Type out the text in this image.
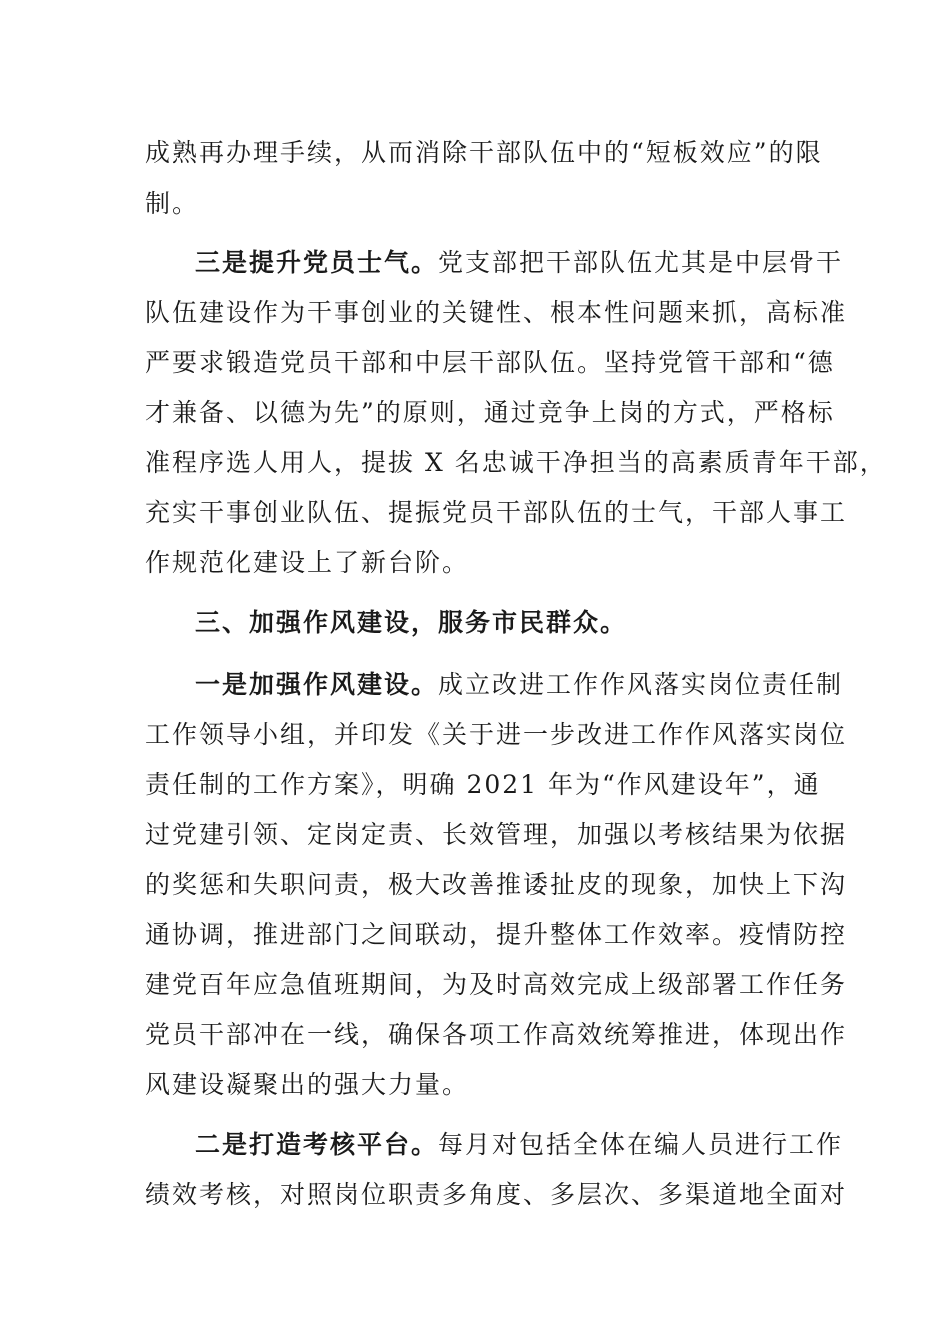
成熟再办理手续，从而消除干部队伍中的“短板效应”的限
制。
三是提升党员士气。党支部把干部队伍尤其是中层骨干
队伍建设作为干事创业的关键性、根本性问题来抓，高标准
严要求锻造党员干部和中层干部队伍。坚持党管干部和“德
才兼备、以德为先”的原则，通过竞争上岗的方式，严格标
准程序选人用人，提拔 X 名忠诚干净担当的高素质青年干部，
充实干事创业队伍、提振党员干部队伍的士气，干部人事工
作规范化建设上了新台阶。
三、加强作风建设，服务市民群众。
一是加强作风建设。成立改进工作作风落实岗位责任制
工作领导小组，并印发《关于进一步改进工作作风落实岗位
责任制的工作方案》，明确 2021 年为“作风建设年”，通
过党建引领、定岗定责、长效管理，加强以考核结果为依据
的奖惩和失职问责，极大改善推诿扯皮的现象，加快上下沟
通协调，推进部门之间联动，提升整体工作效率。疫情防控
建党百年应急值班期间，为及时高效完成上级部署工作任务
党员干部冲在一线，确保各项工作高效统筹推进，体现出作
风建设凝聚出的强大力量。
二是打造考核平台。每月对包括全体在编人员进行工作
绩效考核，对照岗位职责多角度、多层次、多渠道地全面对
